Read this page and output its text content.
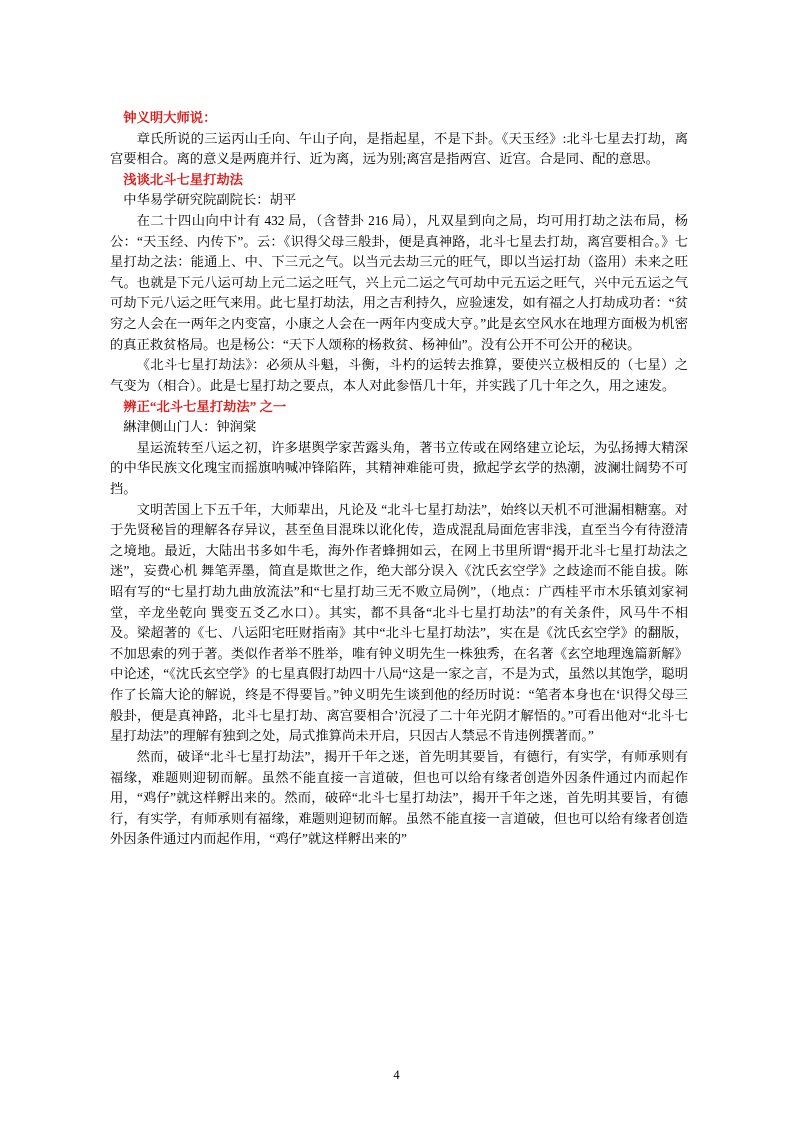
钟义明大师说：

章氏所说的三运丙山壬向、午山子向，是指起星，不是下卦。《天玉经》:北斗七星去打劫，离宫要相合。离的意义是两鹿并行、近为离，远为别;离宫是指两宫、近宫。合是同、配的意思。

浅谈北斗七星打劫法

中华易学研究院副院长：胡平

在二十四山向中计有 432 局，（含替卦 216 局），凡双星到向之局，均可用打劫之法布局，杨公：“天玉经、内传下”。云：《识得父母三般卦，便是真神路，北斗七星去打劫，离宫要相合。》七星打劫之法：能通上、中、下三元之气。以当元去劫三元的旺气，即以当运打劫（盗用）未来之旺气。也就是下元八运可劫上元二运之旺气，兴上元二运之气可劫中元五运之旺气，兴中元五运之气可劫下元八运之旺气来用。此七星打劫法，用之吉利持久，应验速发，如有福之人打劫成功者：“贫穷之人会在一两年之内变富，小康之人会在一两年内变成大亨。”此是玄空风水在地理方面极为机密的真正救贫格局。也是杨公：“天下人颂称的杨救贫、杨神仙”。没有公开不可公开的秘诀。

《北斗七星打劫法》：必须从斗魁，斗衡，斗杓的运转去推算，要使兴立极相反的（七星）之气变为（相合）。此是七星打劫之要点，本人对此参悟几十年，并实践了几十年之久，用之速发。

辨正“北斗七星打劫法” 之一

綝津侧山门人：钟润棠

星运流转至八运之初，许多堪舆学家苦露头角，著书立传或在网络建立论坛，为弘扬搏大精深的中华民族文化瑰宝而摇旗呐喊冲锋陷阵，其精神难能可贵，掀起学玄学的热潮，波澜壮阔势不可挡。

文明苦国上下五千年，大师辈出，凡论及 “北斗七星打劫法”，始终以天机不可泄漏相糖塞。对于先贤秘旨的理解各存异议，甚至鱼目混珠以讹化传，造成混乱局面危害非浅，直至当今有待澄清之境地。最近，大陆出书多如牛毛，海外作者蜂拥如云，在网上书里所谓“揭开北斗七星打劫法之迷”，妄费心机 舞笔弄墨，简直是欺世之作，绝大部分误入《沈氏玄空学》之歧途而不能自拔。陈昭有写的“七星打劫九曲放流法”和“七星打劫三无不败立局例”，（地点：广西桂平市木乐镇刘家祠堂，辛龙坐乾向 巽变五爻乙水口）。其实，都不具备“北斗七星打劫法”的有关条件，风马牛不相及。梁超著的《七、八运阳宅旺财指南》其中“北斗七星打劫法”，实在是《沈氏玄空学》的翻版，不加思索的列于著。类似作者举不胜举，唯有钟义明先生一株独秀，在名著《玄空地理逸篇新解》中论述，“《沈氏玄空学》的七星真假打劫四十八局“这是一家之言，不是为式，虽然以其饱学，聪明作了长篇大论的解说，终是不得要旨。”钟义明先生谈到他的经历时说：“笔者本身也在‘识得父母三般卦，便是真神路，北斗七星打劫、离宫要相合’沉浸了二十年光阴才解悟的。”可看出他对“北斗七星打劫法”的理解有独到之处，局式推算尚未开启，只因古人禁忌不肯违例撰著而。”

然而，破译“北斗七星打劫法”，揭开千年之迷，首先明其要旨，有德行，有实学，有师承则有福缘，难题则迎韧而解。虽然不能直接一言道破，但也可以给有缘者创造外因条件通过内而起作用，“鸡仔”就这样孵出来的。然而，破碎“北斗七星打劫法”，揭开千年之迷，首先明其要旨，有德行，有实学，有师承则有福缘，难题则迎韧而解。虽然不能直接一言道破，但也可以给有缘者创造外因条件通过内而起作用，“鸡仔”就这样孵出来的”

4
